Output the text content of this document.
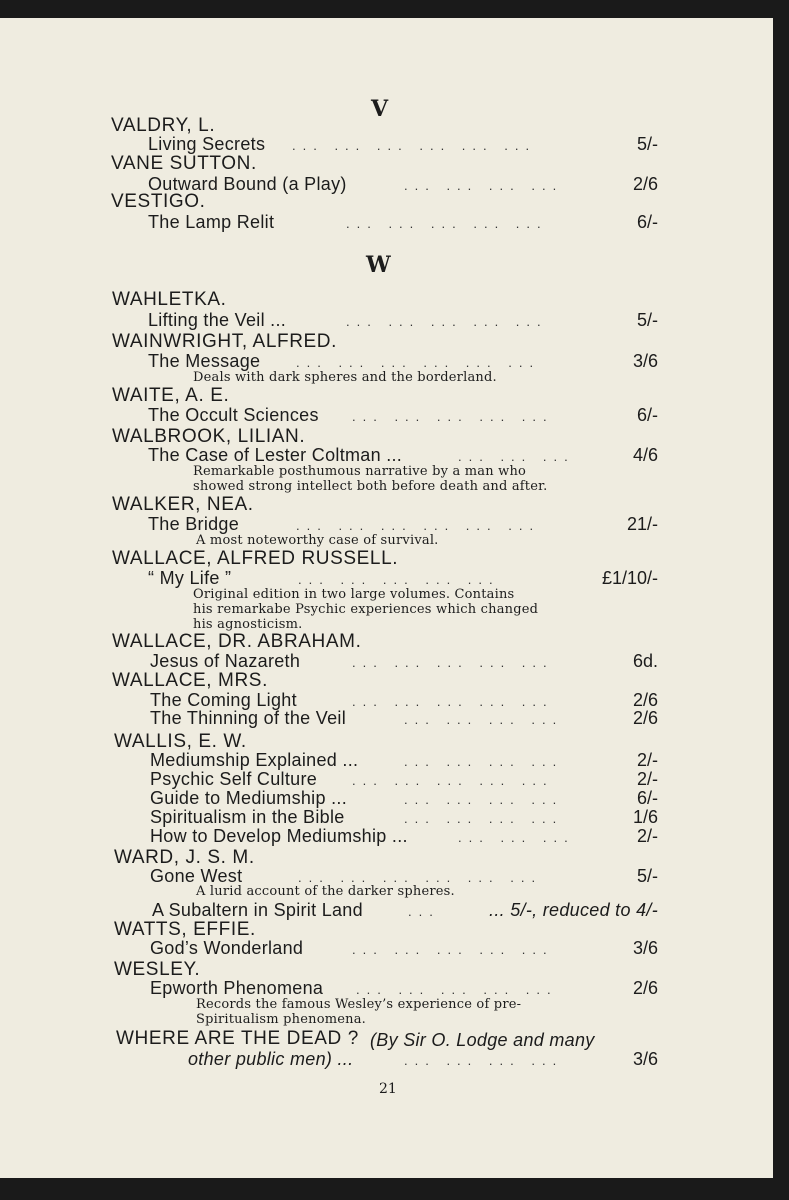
V
VALDRY, L.
Living Secrets ... ... ... ... ... ...	5/-
VANE SUTTON.
Outward Bound (a Play)	... ... ... ...	2/6
VESTIGO.
The Lamp Relit	... ... ... ... ...	6/-
W
WAHLETKA.
Lifting the Veil ...	... ... ... ... ...	5/-
WAINWRIGHT, ALFRED.
The Message	... ... ... ... ... ...	3/6
Deals with dark spheres and the borderland.
WAITE, A. E.
The Occult Sciences	... ... ... ... ...	6/-
WALBROOK, LILIAN.
The Case of Lester Coltman ...	... ... ...	4/6
Remarkable posthumous narrative by a man who
showed strong intellect both before death and after.
WALKER, NEA.
The Bridge	... ... ... ... ... ...	21/-
A most noteworthy case of survival.
WALLACE, ALFRED RUSSELL.
“ My Life ”	... ... ... ... ...	£1/10/-
Original edition in two large volumes. Contains
his remarkabe Psychic experiences which changed
his agnosticism.
WALLACE, DR. ABRAHAM.
Jesus of Nazareth	... ... ... ... ...	6d.
WALLACE, MRS.
The Coming Light	... ... ... ... ...	2/6
The Thinning of the Veil	... ... ... ...	2/6
WALLIS, E. W.
Mediumship Explained ...	... ... ... ...	2/-
Psychic Self Culture	... ... ... ... ...	2/-
Guide to Mediumship ...	... ... ... ...	6/-
Spiritualism in the Bible	... ... ... ...	1/6
How to Develop Mediumship ...	... ... ...	2/-
WARD, J. S. M.
Gone West	... ... ... ... ... ...	5/-
A lurid account of the darker spheres.
A Subaltern in Spirit Land	...	... 5/-, reduced to 4/-
WATTS, EFFIE.
God’s Wonderland	... ... ... ... ...	3/6
WESLEY.
Epworth Phenomena	... ... ... ... ...	2/6
Records the famous Wesley’s experience of pre-
Spiritualism phenomena.
WHERE ARE THE DEAD ? (By Sir O. Lodge and many
other public men) ...	... ... ... ...	3/6
21
